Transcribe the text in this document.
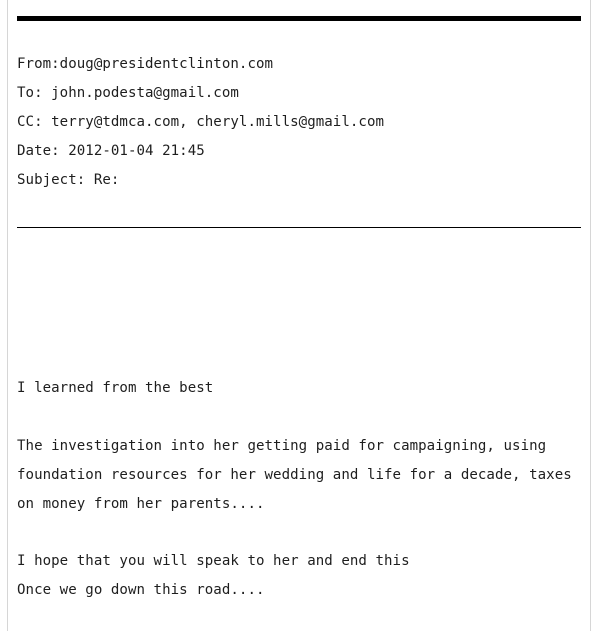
From:doug@presidentclinton.com
To: john.podesta@gmail.com
CC: terry@tdmca.com, cheryl.mills@gmail.com
Date: 2012-01-04 21:45
Subject: Re:
I learned from the best
The investigation into her getting paid for campaigning, using
foundation resources for her wedding and life for a decade, taxes
on money from her parents....
I hope that you will speak to her and end this
Once we go down this road....
